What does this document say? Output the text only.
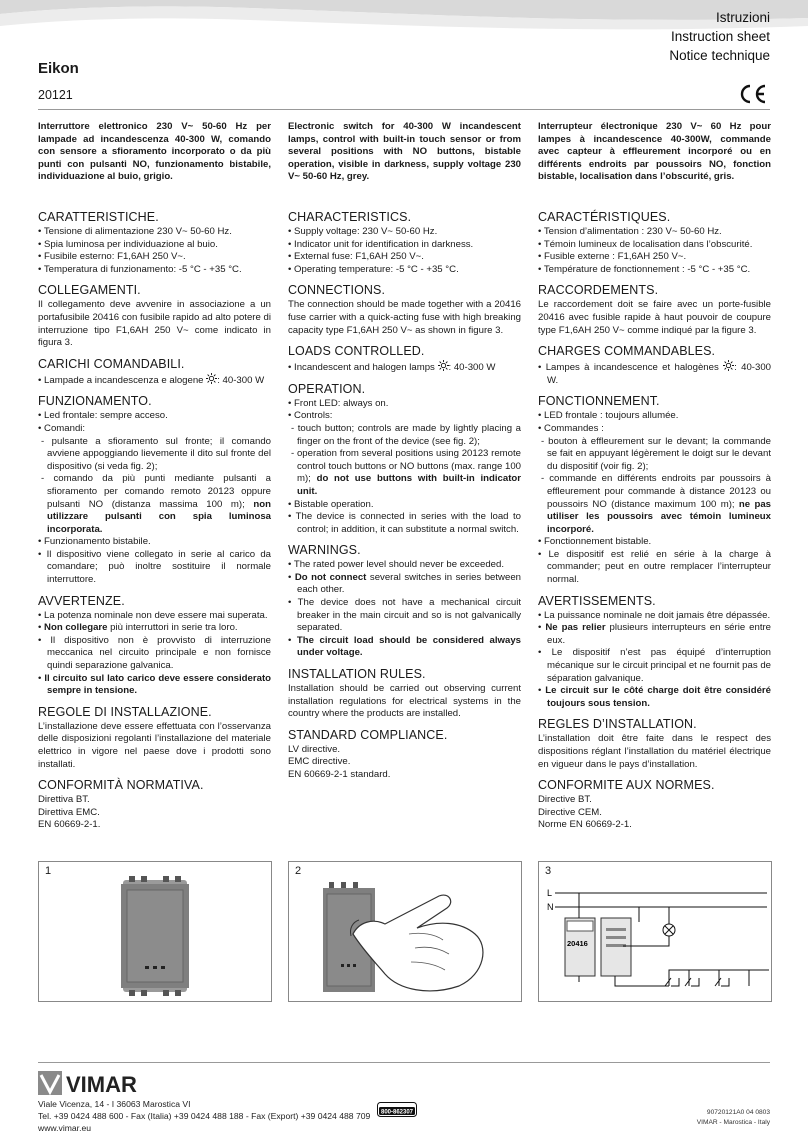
Istruzioni
Instruction sheet
Notice technique
Eikon
20121
Interruttore elettronico 230 V~ 50-60 Hz per lampade ad incandescenza 40-300 W, comando con sensore a sfioramento incorporato o da più punti con pulsanti NO, funzionamento bistabile, individuazione al buio, grigio.
CARATTERISTICHE.
• Tensione di alimentazione 230 V~ 50-60 Hz.
• Spia luminosa per individuazione al buio.
• Fusibile esterno: F1,6AH 250 V~.
• Temperatura di funzionamento: -5 °C - +35 °C.
COLLEGAMENTI.

Il collegamento deve avvenire in associazione a un portafusibile 20416 con fusibile rapido ad alto potere di interruzione tipo F1,6AH 250 V~ come indicato in figura 3.

CARICHI COMANDABILI.
• Lampade a incandescenza e alogene : 40-300 W
FUNZIONAMENTO.
• Led frontale: sempre acceso.
• Comandi:
- pulsante a sfioramento sul fronte; il comando avviene appoggiando lievemente il dito sul fronte del dispositivo (si veda fig. 2);
- comando da più punti mediante pulsanti a sfioramento per comando remoto 20123 oppure pulsanti NO (distanza massima 100 m); non utilizzare pulsanti con spia luminosa incorporata.
• Funzionamento bistabile.
• Il dispositivo viene collegato in serie al carico da comandare; può inoltre sostituire il normale interruttore.
AVVERTENZE.
• La potenza nominale non deve essere mai superata.
• Non collegare più interruttori in serie tra loro.
• Il dispositivo non è provvisto di interruzione meccanica nel circuito principale e non fornisce quindi separazione galvanica.
• Il circuito sul lato carico deve essere considerato sempre in tensione.
REGOLE DI INSTALLAZIONE.

L’installazione deve essere effettuata con l’osservanza delle disposizioni regolanti l’installazione del materiale elettrico in vigore nel paese dove i prodotti sono installati.

CONFORMITÀ NORMATIVA.
Direttiva BT.
Direttiva EMC.
EN 60669-2-1.
Electronic switch for 40-300 W incandescent lamps, control with built-in touch sensor or from several positions with NO buttons, bistable operation, visible in darkness, supply voltage 230 V~ 50-60 Hz, grey.
CHARACTERISTICS.
• Supply voltage: 230 V~ 50-60 Hz.
• Indicator unit for identification in darkness.
• External fuse: F1,6AH 250 V~.
• Operating temperature: -5 °C - +35 °C.
CONNECTIONS.

The connection should be made together with a 20416 fuse carrier with a quick-acting fuse with high breaking capacity type F1,6AH 250 V~ as shown in figure 3.

LOADS CONTROLLED.
• Incandescent and halogen lamps : 40-300 W
OPERATION.
• Front LED: always on.
• Controls:
- touch button; controls are made by lightly placing a finger on the front of the device (see fig. 2);
- operation from several positions using 20123 remote control touch buttons or NO buttons (max. range 100 m); do not use buttons with built-in indicator unit.
• Bistable operation.
• The device is connected in series with the load to control; in addition, it can substitute a normal switch.
WARNINGS.
• The rated power level should never be exceeded.
• Do not connect several switches in series between each other.
• The device does not have a mechanical circuit breaker in the main circuit and so is not galvanically separated.
• The circuit load should be considered always under voltage.
INSTALLATION RULES.

Installation should be carried out observing current installation regulations for electrical systems in the country where the products are installed.

STANDARD COMPLIANCE.
LV directive.
EMC directive.
EN 60669-2-1 standard.
Interrupteur électronique 230 V~ 60 Hz pour lampes à incandescence 40-300W, commande avec capteur à effleurement incorporé ou en différents endroits par poussoirs NO, fonction bistable, localisation dans l’obscurité, gris.
CARACTÉRISTIQUES.
• Tension d’alimentation : 230 V~ 50-60 Hz.
• Témoin lumineux de localisation dans l’obscurité.
• Fusible externe : F1,6AH 250 V~.
• Température de fonctionnement : -5 °C - +35 °C.
RACCORDEMENTS.

Le raccordement doit se faire avec un porte-fusible 20416 avec fusible rapide à haut pouvoir de coupure type F1,6AH 250 V~ comme indiqué par la figure 3.

CHARGES COMMANDABLES.
• Lampes à incandescence et halogènes : 40-300 W.
FONCTIONNEMENT.
• LED frontale : toujours allumée.
• Commandes :
- bouton à effleurement sur le devant; la commande se fait en appuyant légèrement le doigt sur le devant du dispositif (voir fig. 2);
- commande en différents endroits par poussoirs à effleurement pour commande à distance 20123 ou poussoirs NO (distance maximum 100 m); ne pas utiliser les poussoirs avec témoin lumineux incorporé.
• Fonctionnement bistable.
• Le dispositif est relié en série à la charge à commander; peut en outre remplacer l’interrupteur normal.
AVERTISSEMENTS.
• La puissance nominale ne doit jamais être dépassée.
• Ne pas relier plusieurs interrupteurs en série entre eux.
• Le dispositif n’est pas équipé d’interruption mécanique sur le circuit principal et ne fournit pas de séparation galvanique.
• Le circuit sur le côté charge doit être considéré toujours sous tension.
REGLES D’INSTALLATION.

L’installation doit être faite dans le respect des dispositions réglant l’installation du matériel électrique en vigueur dans le pays d’installation.

CONFORMITE AUX NORMES.
Directive BT.
Directive CEM.
Norme EN 60669-2-1.
1	2	3
L
N
20416
VIMAR
Viale Vicenza, 14 - I 36063 Marostica VI
Tel. +39 0424 488 600 - Fax (Italia) +39 0424 488 188 - Fax (Export) +39 0424 488 709
www.vimar.eu
800-862307	90720121A0 04 0803
VIMAR - Marostica - Italy
